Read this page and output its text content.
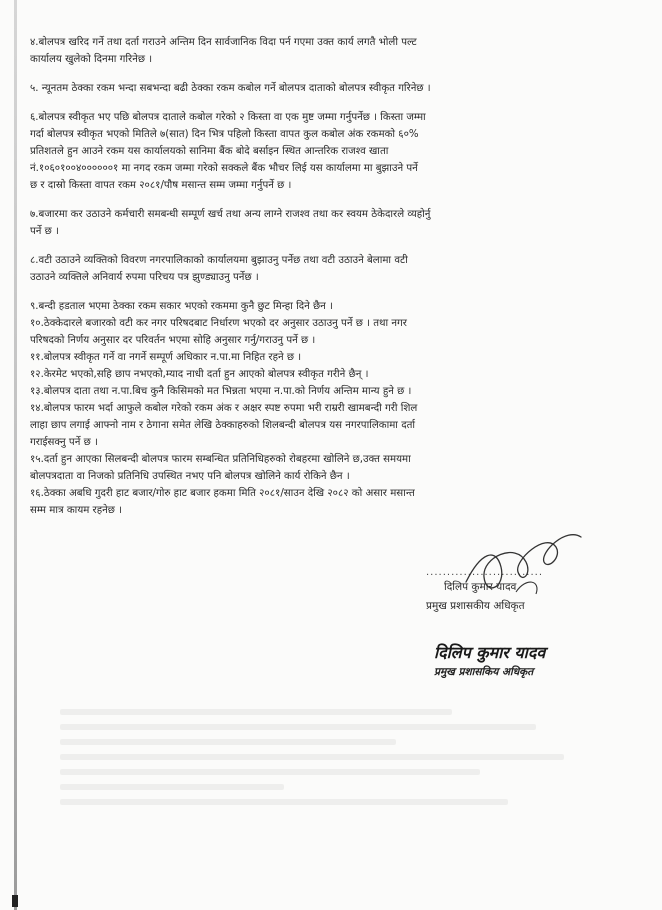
४.बोलपत्र खरिद गर्ने तथा दर्ता गराउने अन्तिम दिन सार्वजानिक विदा पर्न गएमा उक्त कार्य लगतै भोली पल्ट
कार्यालय खुलेको दिनमा गरिनेछ ।
५. न्यूनतम ठेक्का रकम भन्दा सबभन्दा बढी ठेक्का रकम कबोल गर्ने बोलपत्र दाताको बोलपत्र स्वीकृत गरिनेछ ।
६.बोलपत्र स्वीकृत भए पछि बोलपत्र दाताले कबोल गरेको २ किस्ता वा एक मुष्ट जम्मा गर्नुपर्नेछ । किस्ता जम्मा
गर्दा बोलपत्र स्वीकृत भएको मितिले ७(सात) दिन भित्र पहिलो किस्ता वापत कुल कबोल अंक रकमको ६०%
प्रतिशतले हुन आउने रकम यस कार्यालयको सानिमा बैंक बोदे बर्साइन स्थित आन्तरिक राजश्व खाता
नं.१०६०१००४००००००१ मा नगद रकम जम्मा गरेको सक्कले बैंक भौचर लिई यस कार्यालमा मा बुझाउने पर्ने
छ र दास्रो किस्ता वापत रकम २०८१/पौष मसान्त सम्म जम्मा गर्नुपर्ने छ ।
७.बजारमा कर उठाउने कर्मचारी समबन्धी सम्पूर्ण खर्च तथा अन्य लाग्ने राजश्व तथा कर स्वयम ठेकेदारले व्यहोर्नु
पर्ने छ ।
८.वटी उठाउने व्यक्तिको विवरण नगरपालिकाको कार्यालयमा बुझाउनु पर्नेछ तथा वटी उठाउने बेलामा वटी
उठाउने व्यक्तिले अनिवार्य रुपमा परिचय पत्र झुण्ड्याउनु पर्नेछ ।
९.बन्दी हडताल भएमा ठेक्का रकम सकार भएको रकममा कुनै छुट मिन्हा दिने छैन ।
१०.ठेक्केदारले बजारको वटी कर नगर परिषदबाट निर्धारण भएको दर अनुसार उठाउनु पर्ने छ । तथा नगर
परिषदको निर्णय अनुसार दर परिवर्तन भएमा सोहि अनुसार गर्नु/गराउनु पर्ने छ ।
११.बोलपत्र स्वीकृत गर्ने वा नगर्ने सम्पूर्ण अधिकार न.पा.मा निहित रहने छ ।
१२.केरमेट भएको,सहि छाप नभएको,म्याद नाधी दर्ता हुन आएको बोलपत्र स्वीकृत गरीने छैन् ।
१३.बोलपत्र दाता तथा न.पा.बिच कुनै किसिमको मत भिन्नता भएमा न.पा.को निर्णय अन्तिम मान्य हुने छ ।
१४.बोलपत्र फारम भर्दा आफुले कबोल गरेको रकम अंक र अक्षर स्पष्ट रुपमा भरी राम्ररी खामबन्दी गरी शिल
लाहा छाप लगाई आफ्नो नाम र ठेगाना समेत लेखि ठेक्काहरुको शिलबन्दी बोलपत्र यस नगरपालिकामा दर्ता
गराईसक्नु पर्ने छ ।
१५.दर्ता हुन आएका सिलबन्दी बोलपत्र फारम सम्बन्धित प्रतिनिधिहरुको रोबहरमा खोलिने छ,उक्त समयमा
बोलपत्रदाता वा निजको प्रतिनिधि उपस्थित नभए पनि बोलपत्र खोलिने कार्य रोकिने छैन ।
१६.ठेक्का अबधि गुदरी हाट बजार/गोरु हाट बजार हकमा मिति २०८१/साउन देखि २०८२ को असार मसान्त
सम्म मात्र कायम रहनेछ ।
............................
दिलिप कुमार यादव
प्रमुख प्रशासकीय अधिकृत
दिलिप कुमार यादव
प्रमुख प्रशासकिय अधिकृत
